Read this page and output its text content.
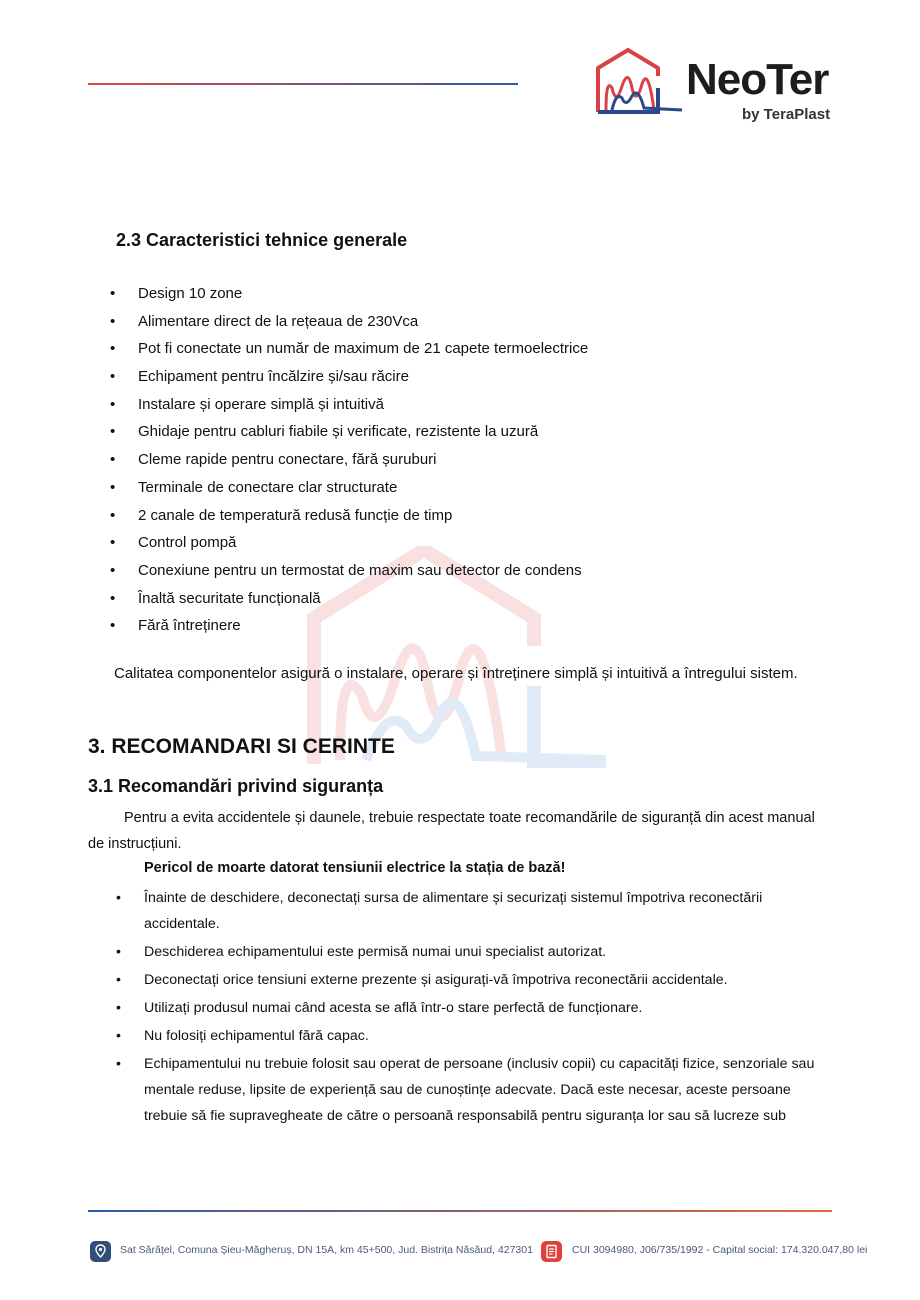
NeoTer
by TeraPlast
2.3 Caracteristici tehnice generale
• Design 10 zone
• Alimentare direct de la rețeaua de 230Vca
• Pot fi conectate un număr de maximum de 21 capete termoelectrice
• Echipament pentru încălzire și/sau răcire
• Instalare și operare simplă și intuitivă
• Ghidaje pentru cabluri fiabile și verificate, rezistente la uzură
• Cleme rapide pentru conectare, fără șuruburi
• Terminale de conectare clar structurate
• 2 canale de temperatură redusă funcție de timp
• Control pompă
• Conexiune pentru un termostat de maxim sau detector de condens
• Înaltă securitate funcțională
• Fără întreținere
Calitatea componentelor asigură o instalare, operare și întreținere simplă și intuitivă a întregului sistem.
3. RECOMANDARI SI CERINTE
3.1 Recomandări privind siguranța
Pentru a evita accidentele și daunele, trebuie respectate toate recomandările de siguranță din acest manual de instrucțiuni.
Pericol de moarte datorat tensiunii electrice la stația de bază!
• Înainte de deschidere, deconectați sursa de alimentare și securizați sistemul împotriva reconectării accidentale.
• Deschiderea echipamentului este permisă numai unui specialist autorizat.
• Deconectați orice tensiuni externe prezente și asigurați-vă împotriva reconectării accidentale.
• Utilizați produsul numai când acesta se află într-o stare perfectă de funcționare.
• Nu folosiți echipamentul fără capac.
• Echipamentului nu trebuie folosit sau operat de persoane (inclusiv copii) cu capacități fizice, senzoriale sau mentale reduse, lipsite de experiență sau de cunoștințe adecvate. Dacă este necesar, aceste persoane trebuie să fie supravegheate de către o persoană responsabilă pentru siguranța lor sau să lucreze sub
Sat Sărățel, Comuna Șieu-Măgheruș, DN 15A, km 45+500, Jud. Bistrița Năsăud, 427301	CUI 3094980, J06/735/1992 - Capital social: 174.320.047,80 lei
